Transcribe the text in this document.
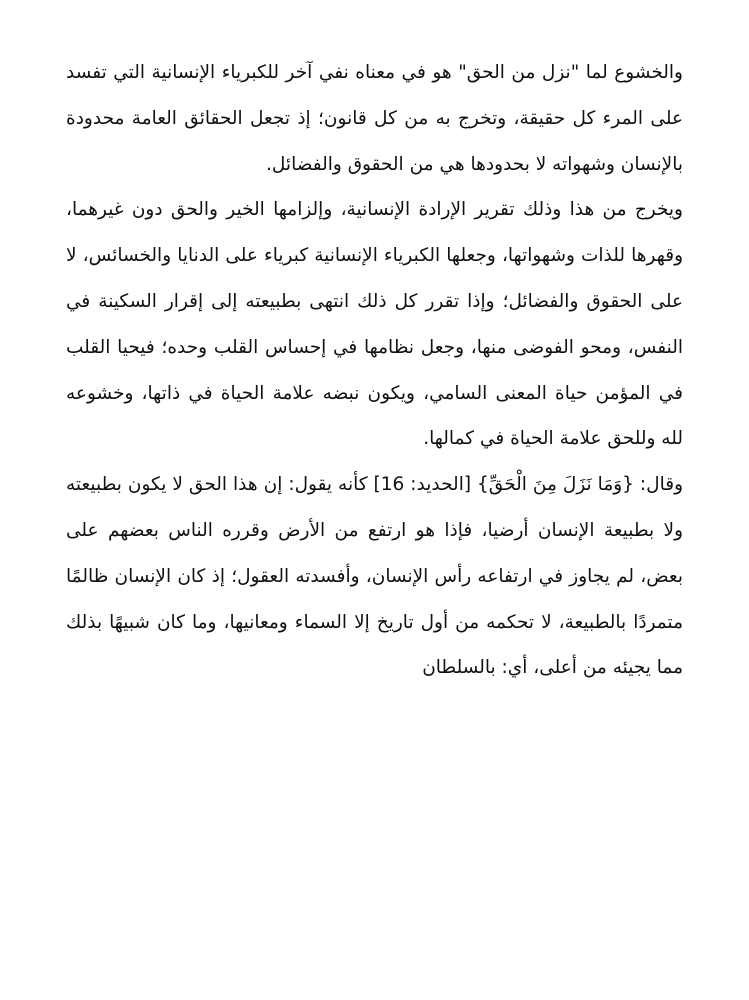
والخشوع لما "نزل من الحق" هو في معناه نفي آخر للكبرياء الإنسانية التي تفسد على المرء كل حقيقة، وتخرج به من كل قانون؛ إذ تجعل الحقائق العامة محدودة بالإنسان وشهواته لا بحدودها هي من الحقوق والفضائل.

ويخرج من هذا وذلك تقرير الإرادة الإنسانية، وإلزامها الخير والحق دون غيرهما، وقهرها للذات وشهواتها، وجعلها الكبرياء الإنسانية كبرياء على الدنايا والخسائس، لا على الحقوق والفضائل؛ وإذا تقرر كل ذلك انتهى بطبيعته إلى إقرار السكينة في النفس، ومحو الفوضى منها، وجعل نظامها في إحساس القلب وحده؛ فيحيا القلب في المؤمن حياة المعنى السامي، ويكون نبضه علامة الحياة في ذاتها، وخشوعه لله وللحق علامة الحياة في كمالها.

وقال: {وَمَا نَزَلَ مِنَ الْحَقِّ} [الحديد: 16] كأنه يقول: إن هذا الحق لا يكون بطبيعته ولا بطبيعة الإنسان أرضيا، فإذا هو ارتفع من الأرض وقرره الناس بعضهم على بعض، لم يجاوز في ارتفاعه رأس الإنسان، وأفسدته العقول؛ إذ كان الإنسان ظالمًا متمردًا بالطبيعة، لا تحكمه من أول تاريخ إلا السماء ومعانيها، وما كان شبيهًا بذلك مما يجيئه من أعلى، أي: بالسلطان
